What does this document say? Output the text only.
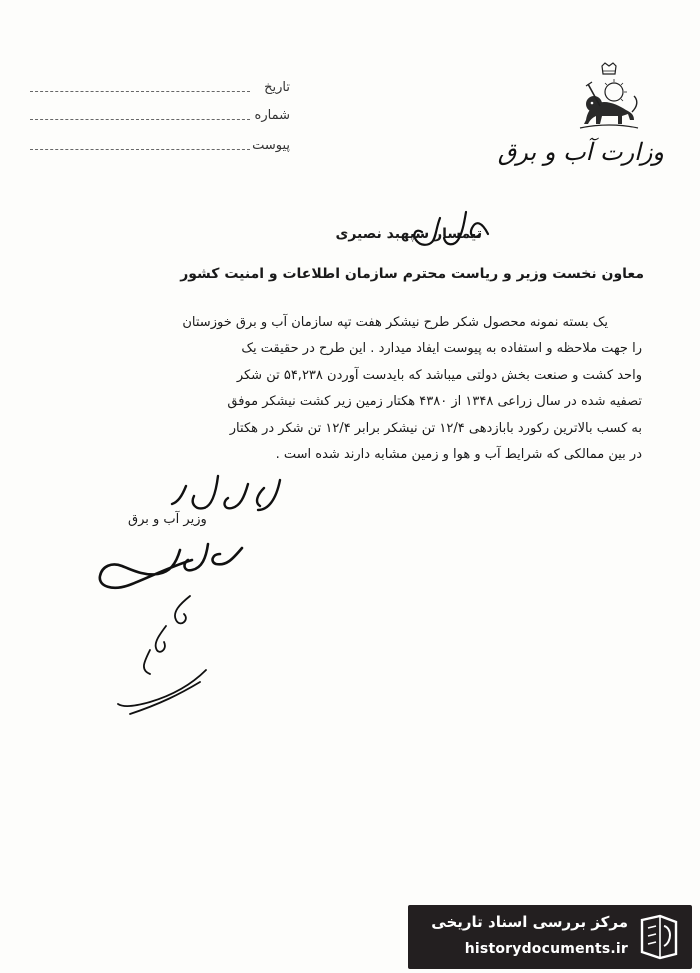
تاریخ
شماره
پیوست	وزارت آب و برق
تیمسار سپهبد نصیری
معاون نخست وزیر و ریاست محترم سازمان اطلاعات و امنیت کشور
یک بسته نمونه محصول شکر طرح نیشکر هفت تپه سازمان آب و برق خوزستان
را جهت ملاحظه و استفاده به پیوست ایفاد میدارد . این طرح در حقیقت یک
واحد کشت و صنعت بخش دولتی میباشد که بایدست آوردن ۵۴,۲۳۸ تن شکر
تصفیه شده در سال زراعی ۱۳۴۸ از ۴۳۸۰ هکتار زمین زیر کشت نیشکر موفق
به کسب بالاترین رکورد بابازدهی ۱۲/۴ تن نیشکر برابر ۱۲/۴ تن شکر در هکتار
در بین ممالکی که شرایط آب و هوا و زمین مشابه دارند شده است .
وزیر آب و برق
مرکز بررسی اسناد تاریخی
historydocuments.ir
